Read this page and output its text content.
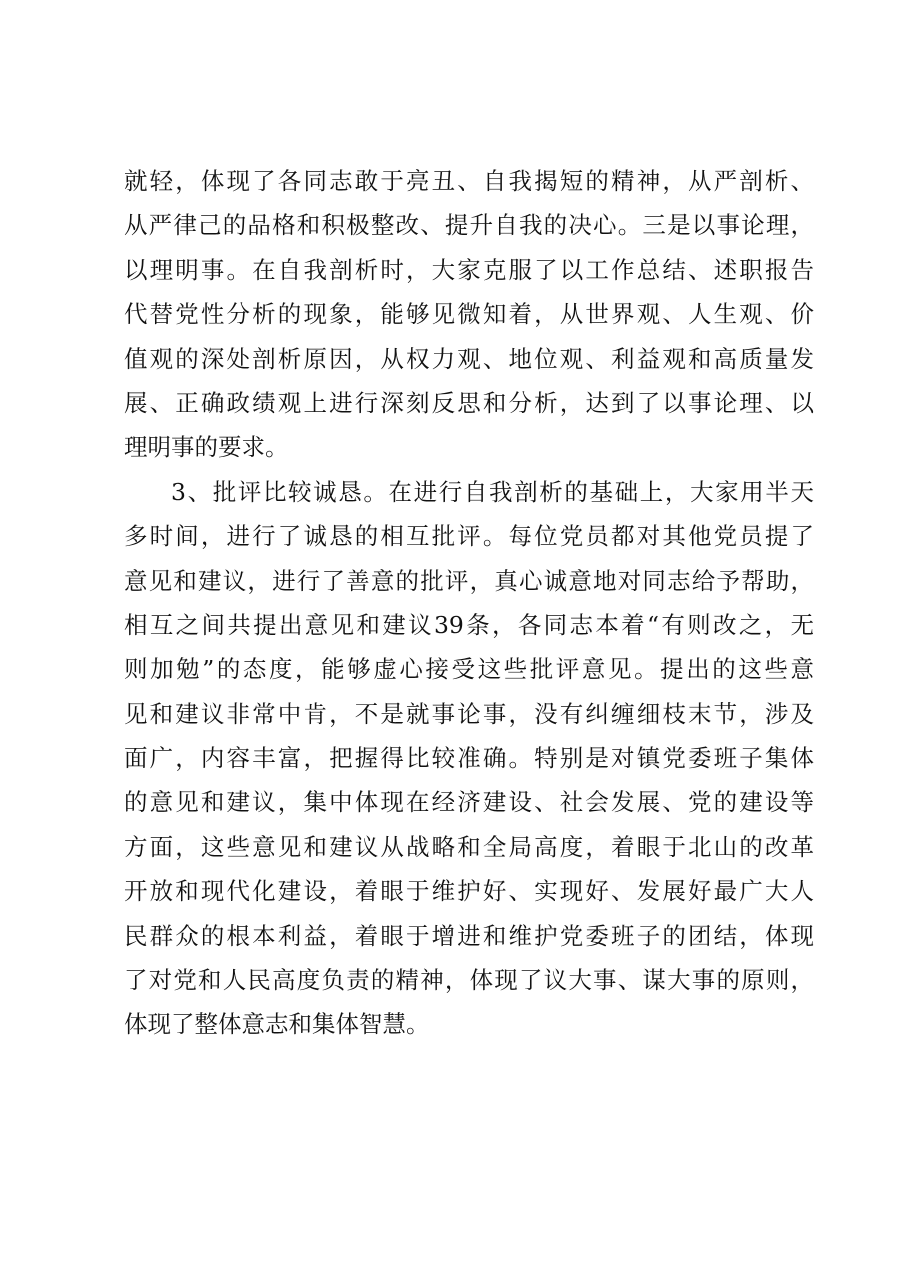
就轻，体现了各同志敢于亮丑、自我揭短的精神，从严剖析、
从严律己的品格和积极整改、提升自我的决心。三是以事论理，
以理明事。在自我剖析时，大家克服了以工作总结、述职报告
代替党性分析的现象，能够见微知着，从世界观、人生观、价
值观的深处剖析原因，从权力观、地位观、利益观和高质量发
展、正确政绩观上进行深刻反思和分析，达到了以事论理、以
理明事的要求。
3、批评比较诚恳。在进行自我剖析的基础上，大家用半天
多时间，进行了诚恳的相互批评。每位党员都对其他党员提了
意见和建议，进行了善意的批评，真心诚意地对同志给予帮助，
相互之间共提出意见和建议39条，各同志本着“有则改之，无
则加勉”的态度，能够虚心接受这些批评意见。提出的这些意
见和建议非常中肯，不是就事论事，没有纠缠细枝末节，涉及
面广，内容丰富，把握得比较准确。特别是对镇党委班子集体
的意见和建议，集中体现在经济建设、社会发展、党的建设等
方面，这些意见和建议从战略和全局高度，着眼于北山的改革
开放和现代化建设，着眼于维护好、实现好、发展好最广大人
民群众的根本利益，着眼于增进和维护党委班子的团结，体现
了对党和人民高度负责的精神，体现了议大事、谋大事的原则，
体现了整体意志和集体智慧。
